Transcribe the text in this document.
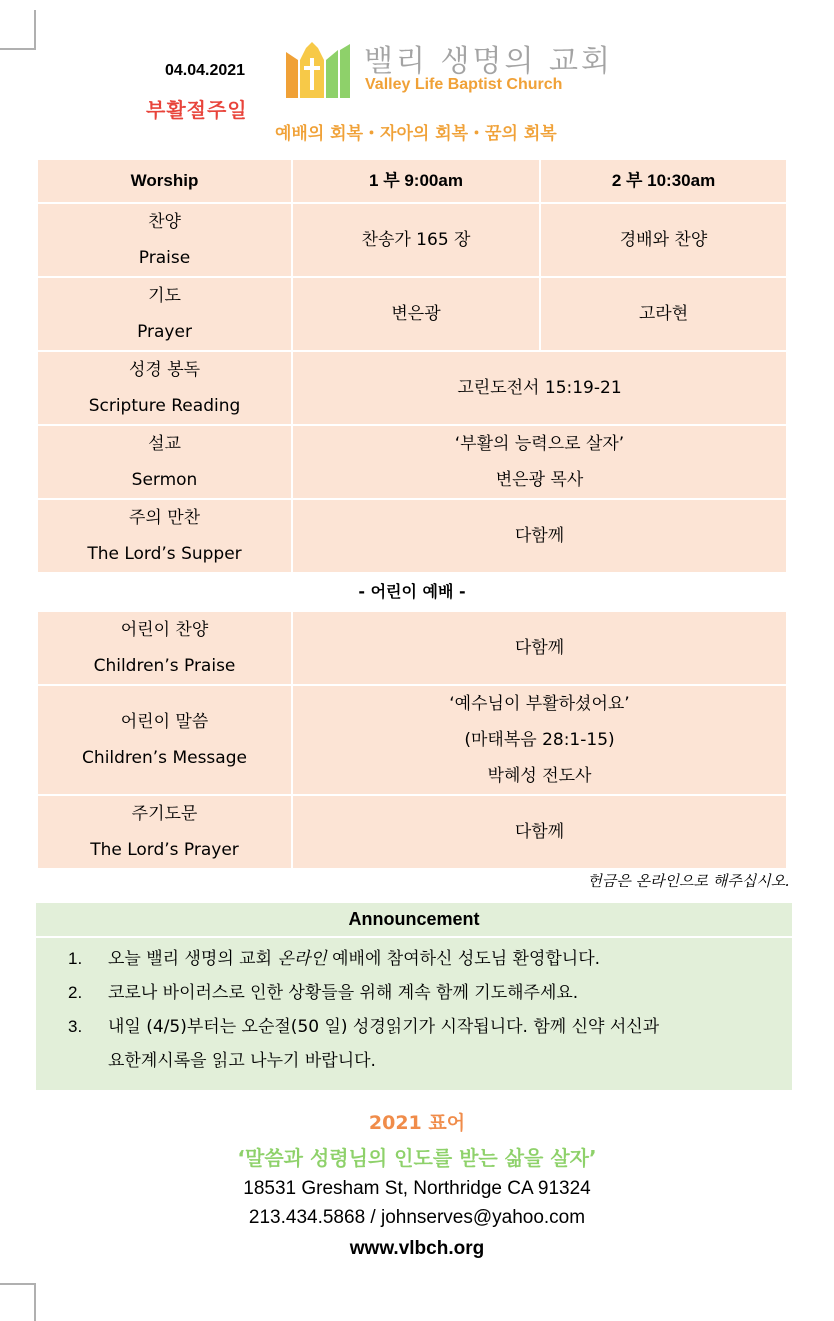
04.04.2021
부활절주일
밸리 생명의 교회
Valley Life Baptist Church
예배의 회복・자아의 회복・꿈의 회복
Worship	1 부 9:00am	2 부 10:30am

찬양
Praise	찬송가 165 장	경배와 찬양

기도
Prayer	변은광	고라현

성경 봉독
Scripture Reading	고린도전서 15:19-21	

설교
Sermon	‘부활의 능력으로 살자’
변은광 목사	

주의 만찬
The Lord’s Supper	다함께	

- 어린이 예배 -		

어린이 찬양
Children’s Praise	다함께	

어린이 말씀
Children’s Message	‘예수님이 부활하셨어요’
(마태복음 28:1-15)
박혜성 전도사	

주기도문
The Lord’s Prayer	다함께	
헌금은 온라인으로 해주십시오.
Announcement
1. 오늘 밸리 생명의 교회 온라인 예배에 참여하신 성도님 환영합니다.
2. 코로나 바이러스로 인한 상황들을 위해 계속 함께 기도해주세요.
3. 내일 (4/5)부터는 오순절(50 일) 성경읽기가 시작됩니다. 함께 신약 서신과
요한계시록을 읽고 나누기 바랍니다.
2021 표어
‘말씀과 성령님의 인도를 받는 삶을 살자’
18531 Gresham St, Northridge CA 91324
213.434.5868 / johnserves@yahoo.com
www.vlbch.org
